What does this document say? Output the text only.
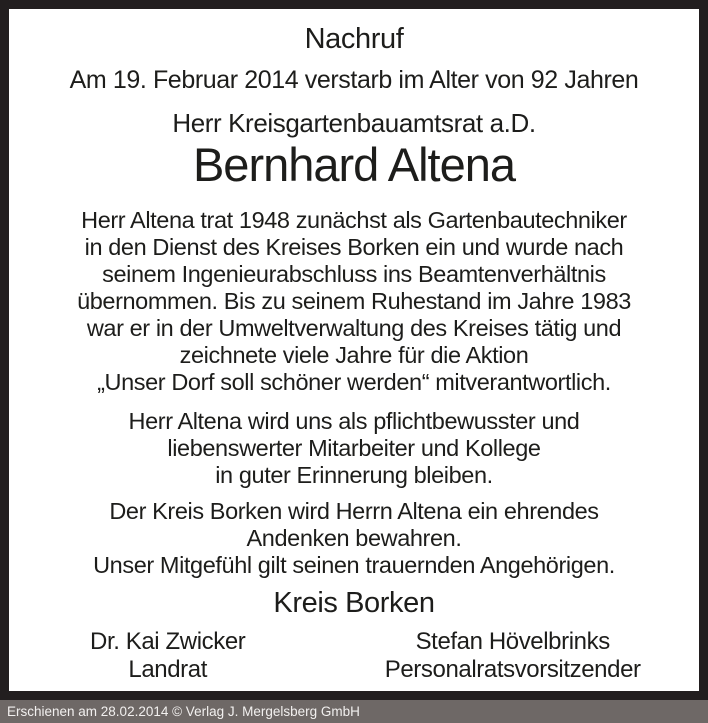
Nachruf
Am 19. Februar 2014 verstarb im Alter von 92 Jahren
Herr Kreisgartenbauamtsrat a.D.
Bernhard Altena
Herr Altena trat 1948 zunächst als Gartenbautechniker
in den Dienst des Kreises Borken ein und wurde nach
seinem Ingenieurabschluss ins Beamtenverhältnis
übernommen. Bis zu seinem Ruhestand im Jahre 1983
war er in der Umweltverwaltung des Kreises tätig und
zeichnete viele Jahre für die Aktion
„Unser Dorf soll schöner werden“ mitverantwortlich.
Herr Altena wird uns als pflichtbewusster und
liebenswerter Mitarbeiter und Kollege
in guter Erinnerung bleiben.
Der Kreis Borken wird Herrn Altena ein ehrendes
Andenken bewahren.
Unser Mitgefühl gilt seinen trauernden Angehörigen.
Kreis Borken
Dr. Kai Zwicker
Landrat
Stefan Hövelbrinks
Personalratsvorsitzender
Erschienen am 28.02.2014 © Verlag J. Mergelsberg GmbH
